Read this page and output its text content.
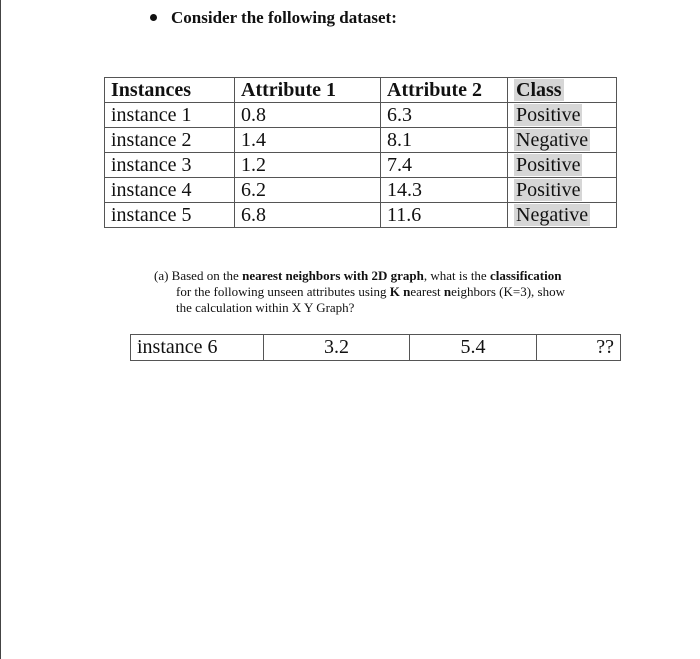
Consider the following dataset:
Instances	Attribute 1	Attribute 2	Class
instance 1	0.8	6.3	Positive
instance 2	1.4	8.1	Negative
instance 3	1.2	7.4	Positive
instance 4	6.2	14.3	Positive
instance 5	6.8	11.6	Negative
(a) Based on the nearest neighbors with 2D graph, what is the classification
for the following unseen attributes using K nearest neighbors (K=3), show
the calculation within X Y Graph?
instance 6	3.2	5.4	??
